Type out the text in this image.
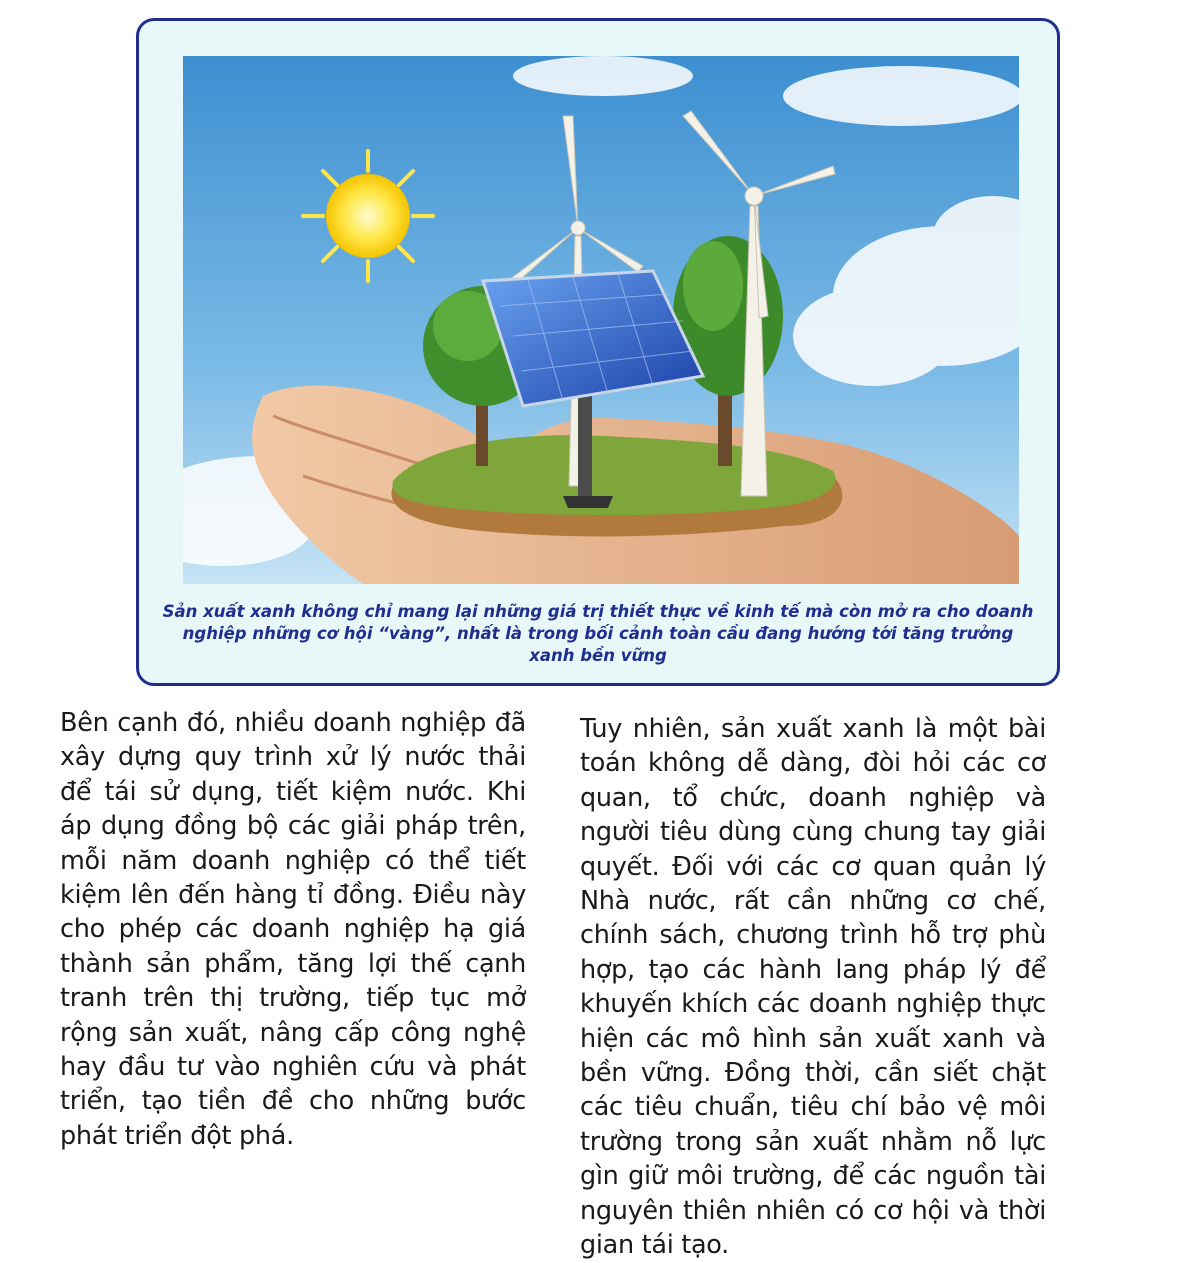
Sản xuất xanh không chỉ mang lại những giá trị thiết thực về kinh tế mà còn mở ra cho doanh nghiệp những cơ hội “vàng”, nhất là trong bối cảnh toàn cầu đang hướng tới tăng trưởng xanh bền vững

Bên cạnh đó, nhiều doanh nghiệp đã xây dựng quy trình xử lý nước thải để tái sử dụng, tiết kiệm nước. Khi áp dụng đồng bộ các giải pháp trên, mỗi năm doanh nghiệp có thể tiết kiệm lên đến hàng tỉ đồng. Điều này cho phép các doanh nghiệp hạ giá thành sản phẩm, tăng lợi thế cạnh tranh trên thị trường, tiếp tục mở rộng sản xuất, nâng cấp công nghệ hay đầu tư vào nghiên cứu và phát triển, tạo tiền đề cho những bước phát triển đột phá.

Tuy nhiên, sản xuất xanh là một bài toán không dễ dàng, đòi hỏi các cơ quan, tổ chức, doanh nghiệp và người tiêu dùng cùng chung tay giải quyết. Đối với các cơ quan quản lý Nhà nước, rất cần những cơ chế, chính sách, chương trình hỗ trợ phù hợp, tạo các hành lang pháp lý để khuyến khích các doanh nghiệp thực hiện các mô hình sản xuất xanh và bền vững. Đồng thời, cần siết chặt các tiêu chuẩn, tiêu chí bảo vệ môi trường trong sản xuất nhằm nỗ lực gìn giữ môi trường, để các nguồn tài nguyên thiên nhiên có cơ hội và thời gian tái tạo.
